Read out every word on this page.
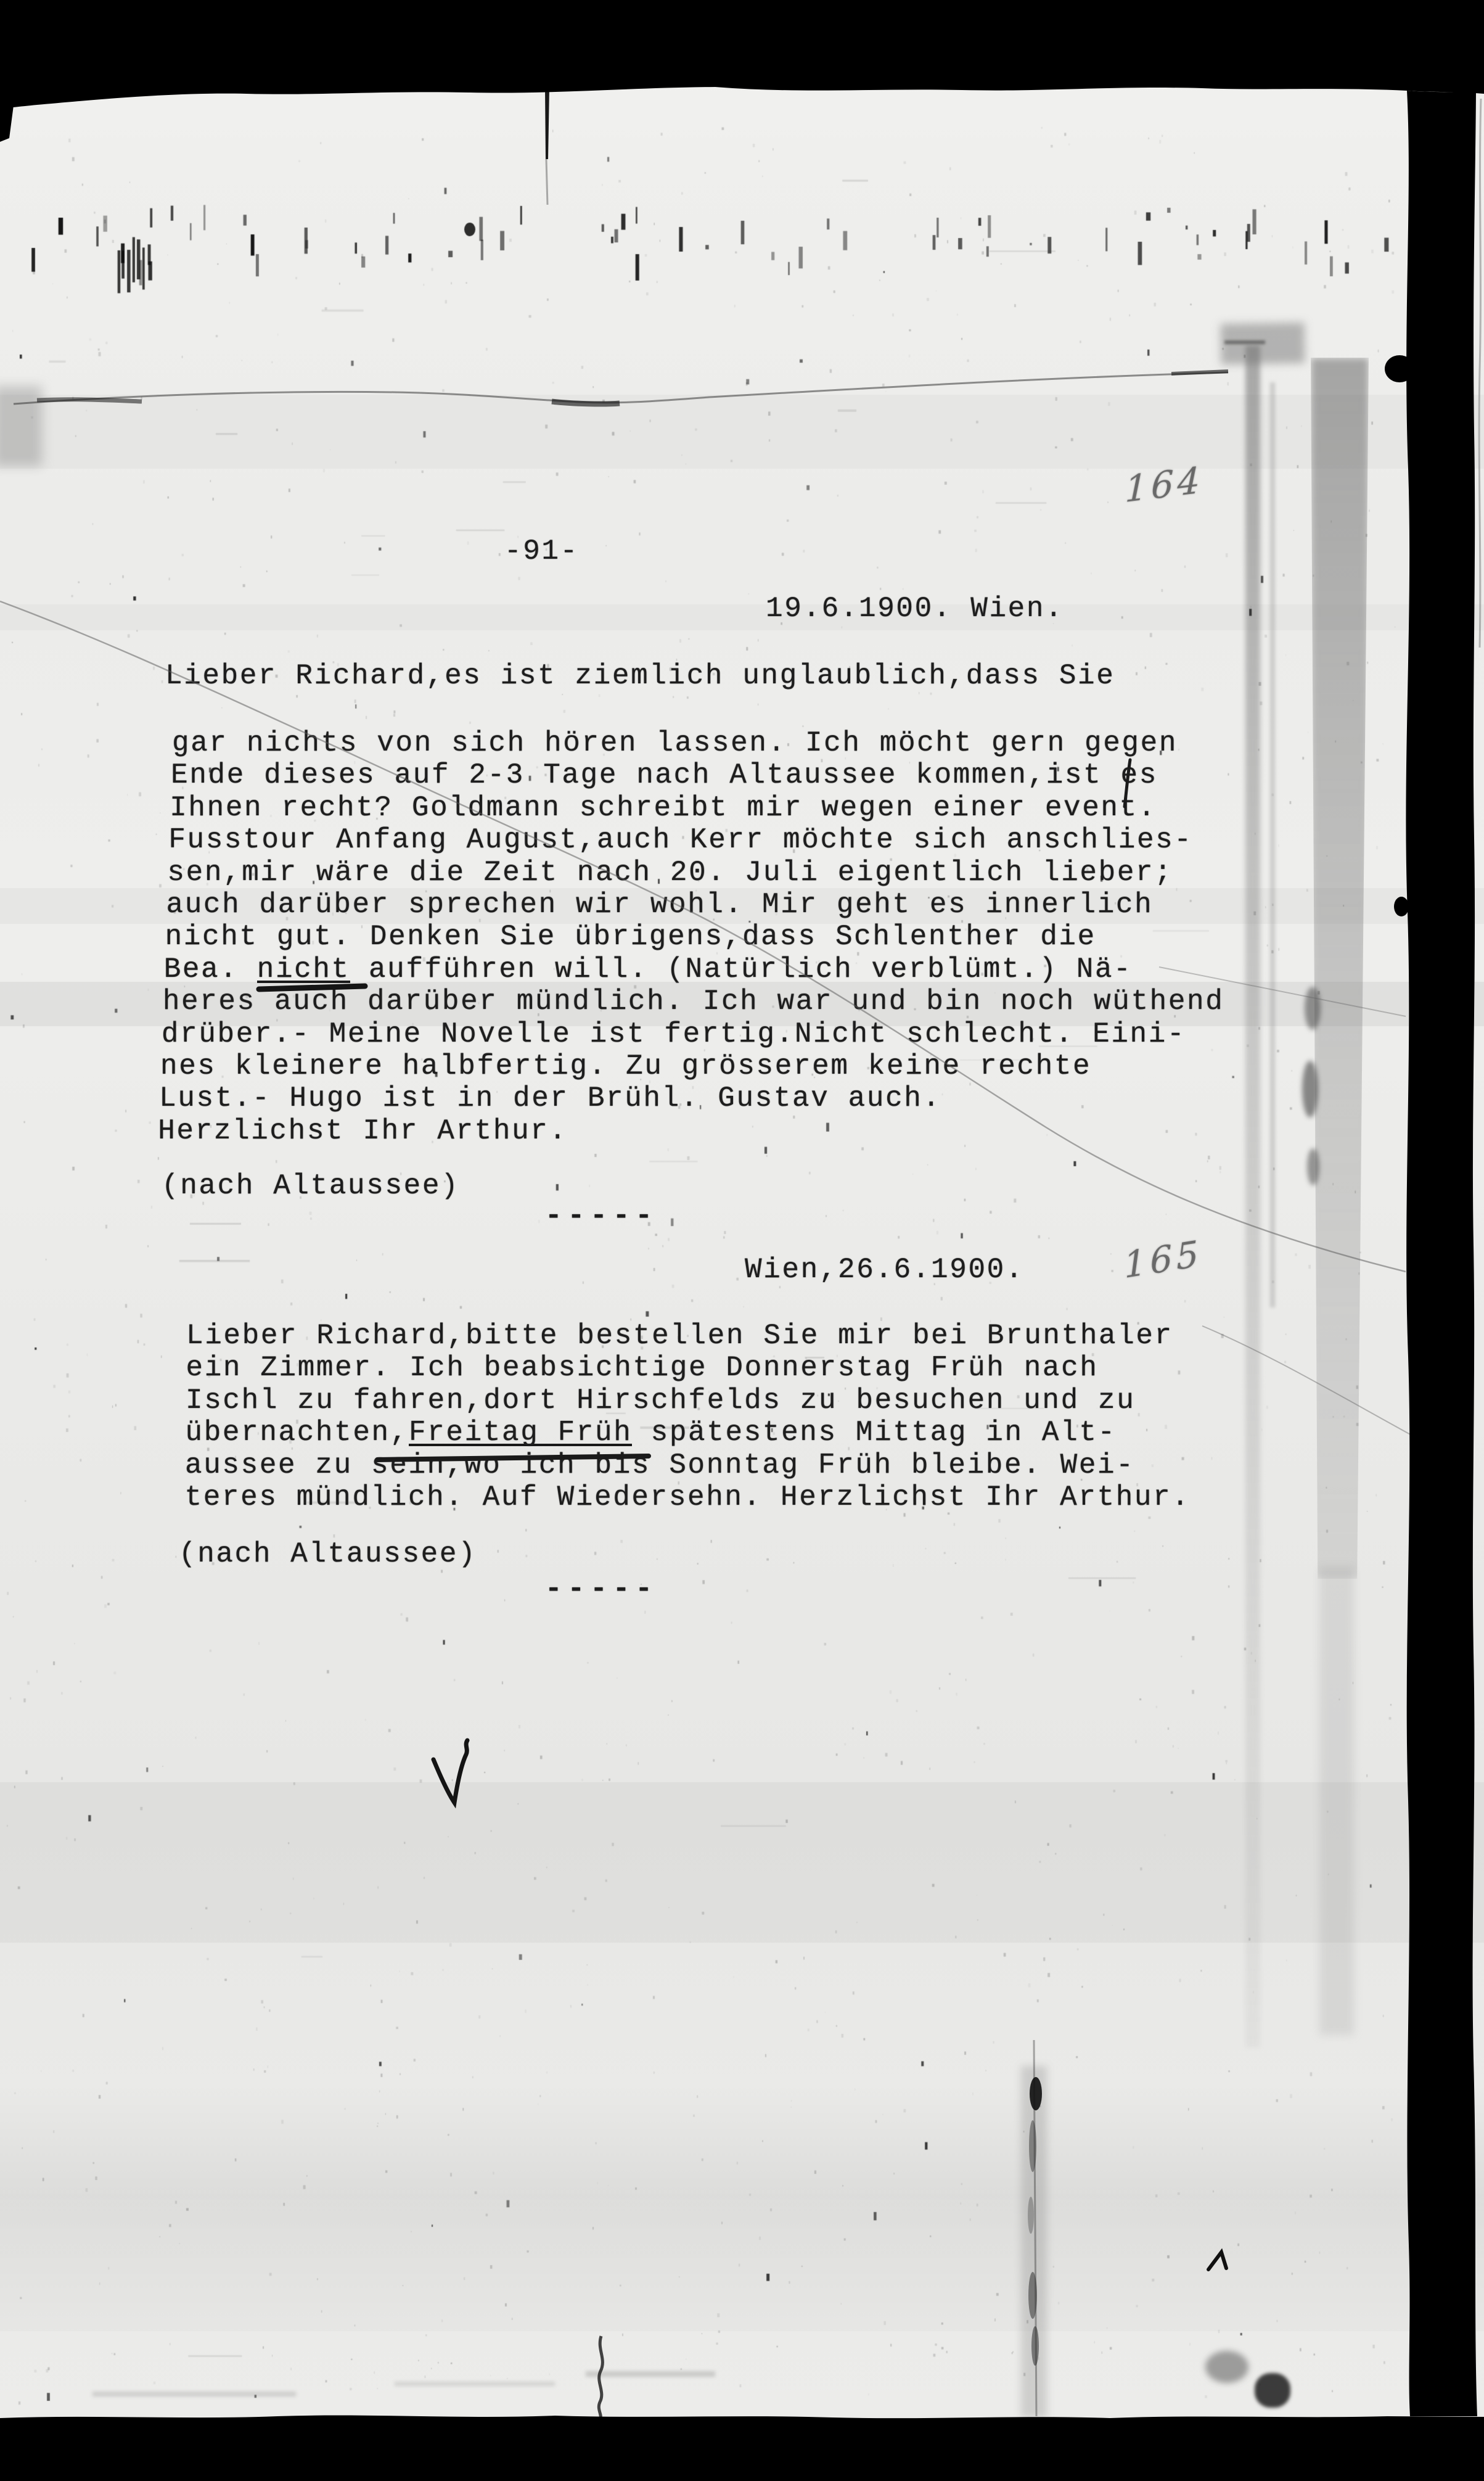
-91-
164
165
19.6.1900. Wien.
Lieber Richard,es ist ziemlich unglaublich,dass Sie
gar nichts von sich hören lassen. Ich möcht gern gegen
Ende dieses auf 2-3 Tage nach Altaussee kommen,ist es
Ihnen recht? Goldmann schreibt mir wegen einer event.
Fusstour Anfang August,auch Kerr möchte sich anschlies-
sen,mir wäre die Zeit nach 20. Juli eigentlich lieber;
auch darüber sprechen wir wohl. Mir geht es innerlich
nicht gut. Denken Sie übrigens,dass Schlenther die
Bea. nicht aufführen will. (Natürlich verblümt.) Nä-
heres auch darüber mündlich. Ich war und bin noch wüthend
drüber.- Meine Novelle ist fertig.Nicht schlecht. Eini-
nes kleinere halbfertig. Zu grösserem keine rechte
Lust.- Hugo ist in der Brühl. Gustav auch.
Herzlichst Ihr Arthur.
(nach Altaussee)
-----
Wien,26.6.1900.
Lieber Richard,bitte bestellen Sie mir bei Brunthaler
ein Zimmer. Ich beabsichtige Donnerstag Früh nach
Ischl zu fahren,dort Hirschfelds zu besuchen und zu
übernachten,Freitag Früh spätestens Mittag in Alt-
aussee zu sein,wo ich bis Sonntag Früh bleibe. Wei-
teres mündlich. Auf Wiedersehn. Herzlichst Ihr Arthur.
(nach Altaussee)
-----
